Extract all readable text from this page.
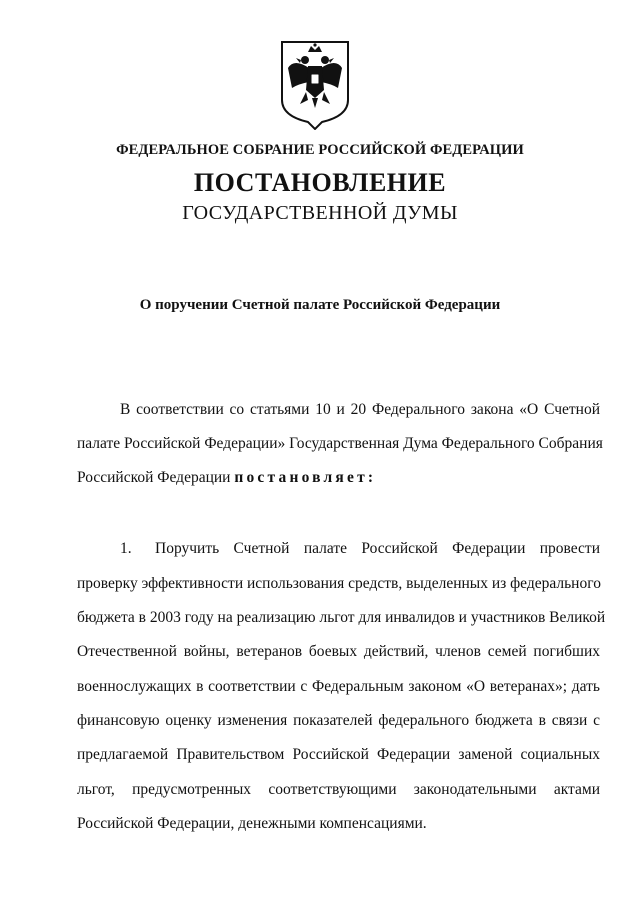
ФЕДЕРАЛЬНОЕ СОБРАНИЕ РОССИЙСКОЙ ФЕДЕРАЦИИ
ПОСТАНОВЛЕНИЕ
ГОСУДАРСТВЕННОЙ ДУМЫ
О поручении Счетной палате Российской Федерации
В соответствии со статьями 10 и 20 Федерального закона «О Счетной
палате Российской Федерации» Государственная Дума Федерального Собрания
Российской Федерации постановляет:
1.	Поручить Счетной палате Российской Федерации провести
проверку эффективности использования средств, выделенных из федерального
бюджета в 2003 году на реализацию льгот для инвалидов и участников Великой
Отечественной войны, ветеранов боевых действий, членов семей погибших
военнослужащих в соответствии с Федеральным законом «О ветеранах»; дать
финансовую оценку изменения показателей федерального бюджета в связи с
предлагаемой Правительством Российской Федерации заменой социальных
льгот, предусмотренных соответствующими законодательными актами
Российской Федерации, денежными компенсациями.
